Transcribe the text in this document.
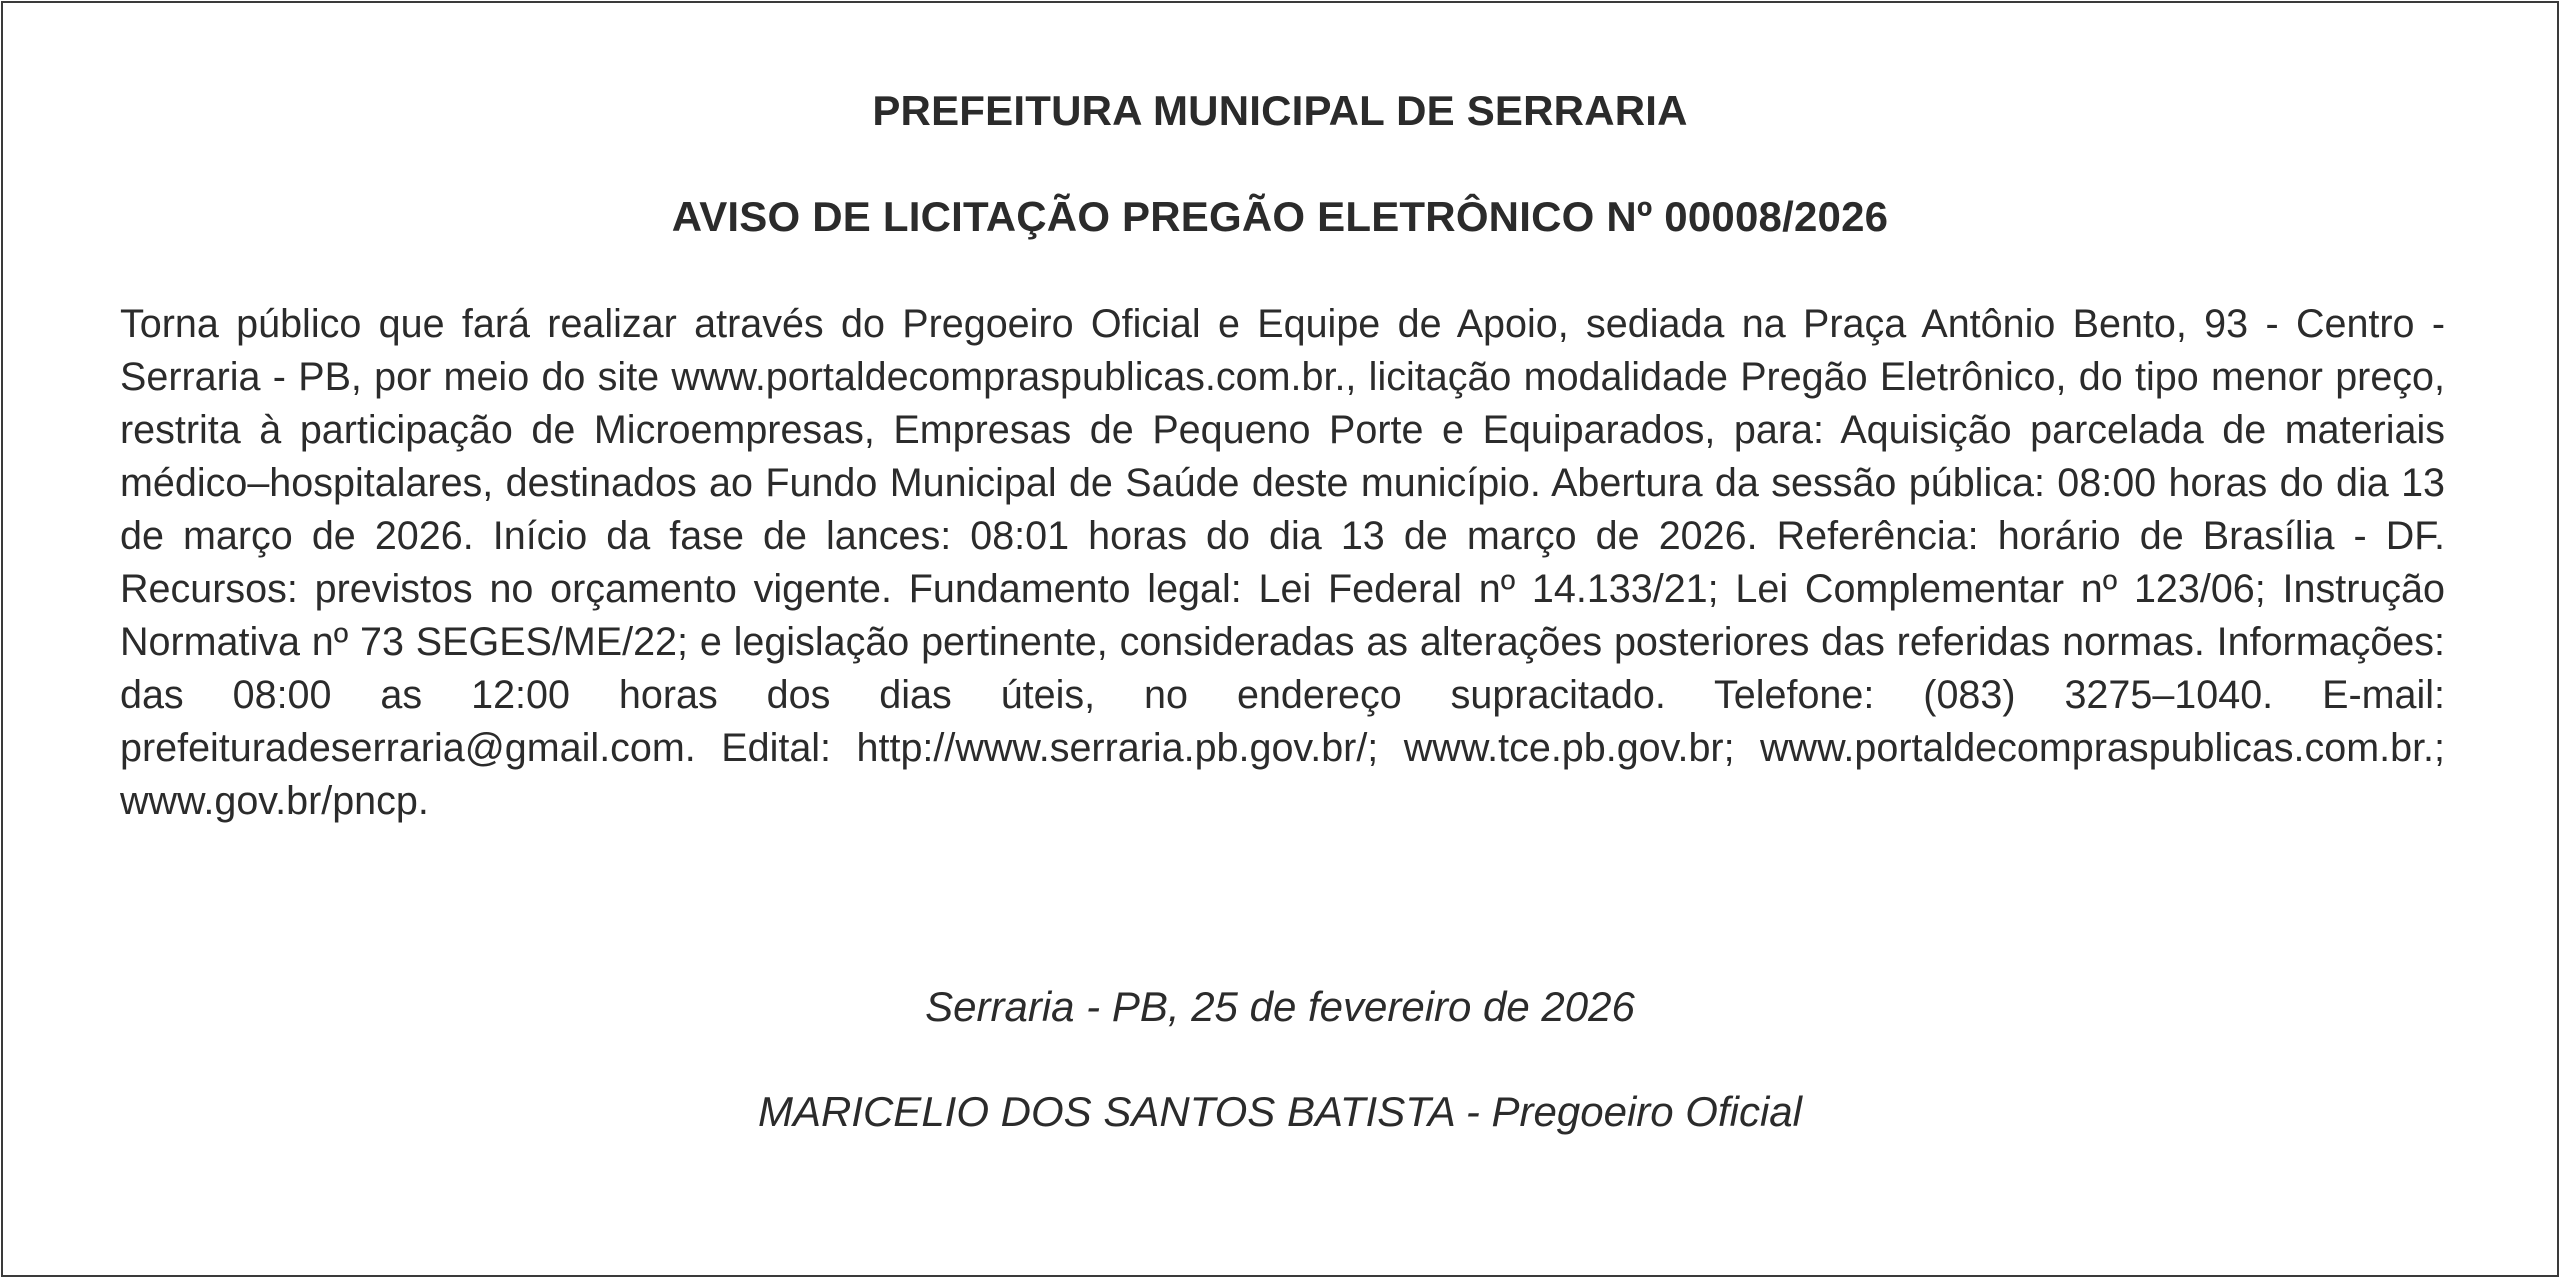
PREFEITURA MUNICIPAL DE SERRARIA
AVISO DE LICITAÇÃO PREGÃO ELETRÔNICO Nº 00008/2026

Torna público que fará realizar através do Pregoeiro Oficial e Equipe de Apoio, sediada na Praça Antônio Bento, 93 - Centro - Serraria - PB, por meio do site www.portaldecompraspublicas.com.br., licitação modalidade Pregão Eletrônico, do tipo menor preço, restrita à participação de Microempresas, Empresas de Pequeno Porte e Equiparados, para: Aquisição parcelada de materiais médico–hospitalares, destinados ao Fundo Municipal de Saúde deste município. Abertura da sessão pública: 08:00 horas do dia 13 de março de 2026. Início da fase de lances: 08:01 horas do dia 13 de março de 2026. Referência: horário de Brasília - DF. Recursos: previstos no orçamento vigente. Fundamento legal: Lei Federal nº 14.133/21; Lei Complementar nº 123/06; Instrução Normativa nº 73 SEGES/ME/22; e legislação pertinente, consideradas as alterações posteriores das referidas normas. Informações: das 08:00 as 12:00 horas dos dias úteis, no endereço supracitado. Telefone: (083) 3275–1040. E-mail: prefeituradeserraria@gmail.com. Edital: http://www.serraria.pb.gov.br/; www.tce.pb.gov.br; www.portaldecompraspublicas.com.br.; www.gov.br/pncp.

Serraria - PB, 25 de fevereiro de 2026
MARICELIO DOS SANTOS BATISTA - Pregoeiro Oficial
